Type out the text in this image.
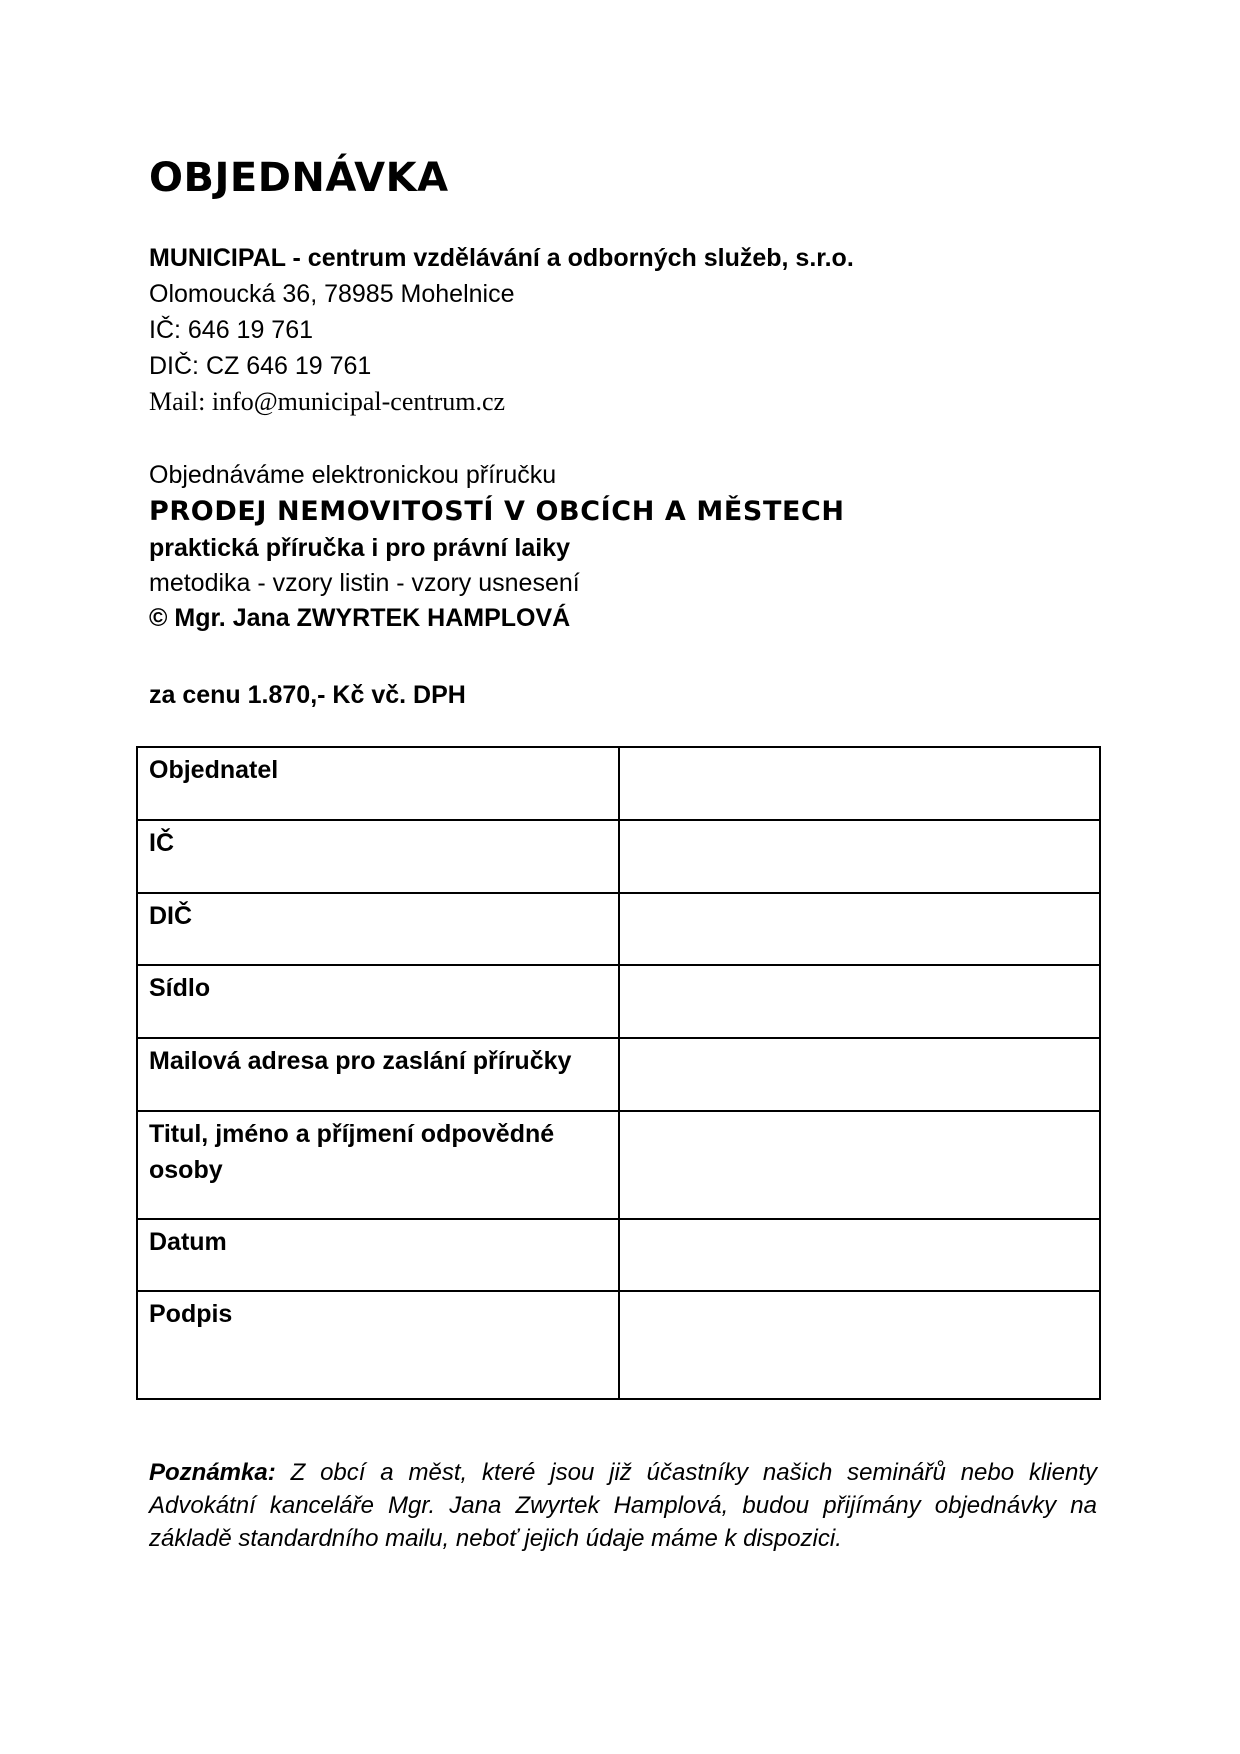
OBJEDNÁVKA
MUNICIPAL - centrum vzdělávání a odborných služeb, s.r.o.
Olomoucká 36, 78985 Mohelnice
IČ: 646 19 761
DIČ: CZ 646 19 761
Mail: info@municipal-centrum.cz
Objednáváme elektronickou příručku
PRODEJ NEMOVITOSTÍ V OBCÍCH A MĚSTECH
praktická příručka i pro právní laiky
metodika - vzory listin - vzory usnesení
© Mgr. Jana ZWYRTEK HAMPLOVÁ
za cenu 1.870,- Kč vč. DPH
Objednatel	
IČ	
DIČ	
Sídlo	
Mailová adresa pro zaslání příručky	
Titul, jméno a příjmení odpovědné osoby	
Datum	
Podpis	

Poznámka: Z obcí a měst, které jsou již účastníky našich seminářů nebo klienty Advokátní kanceláře Mgr. Jana Zwyrtek Hamplová, budou přijímány objednávky na základě standardního mailu, neboť jejich údaje máme k dispozici.
